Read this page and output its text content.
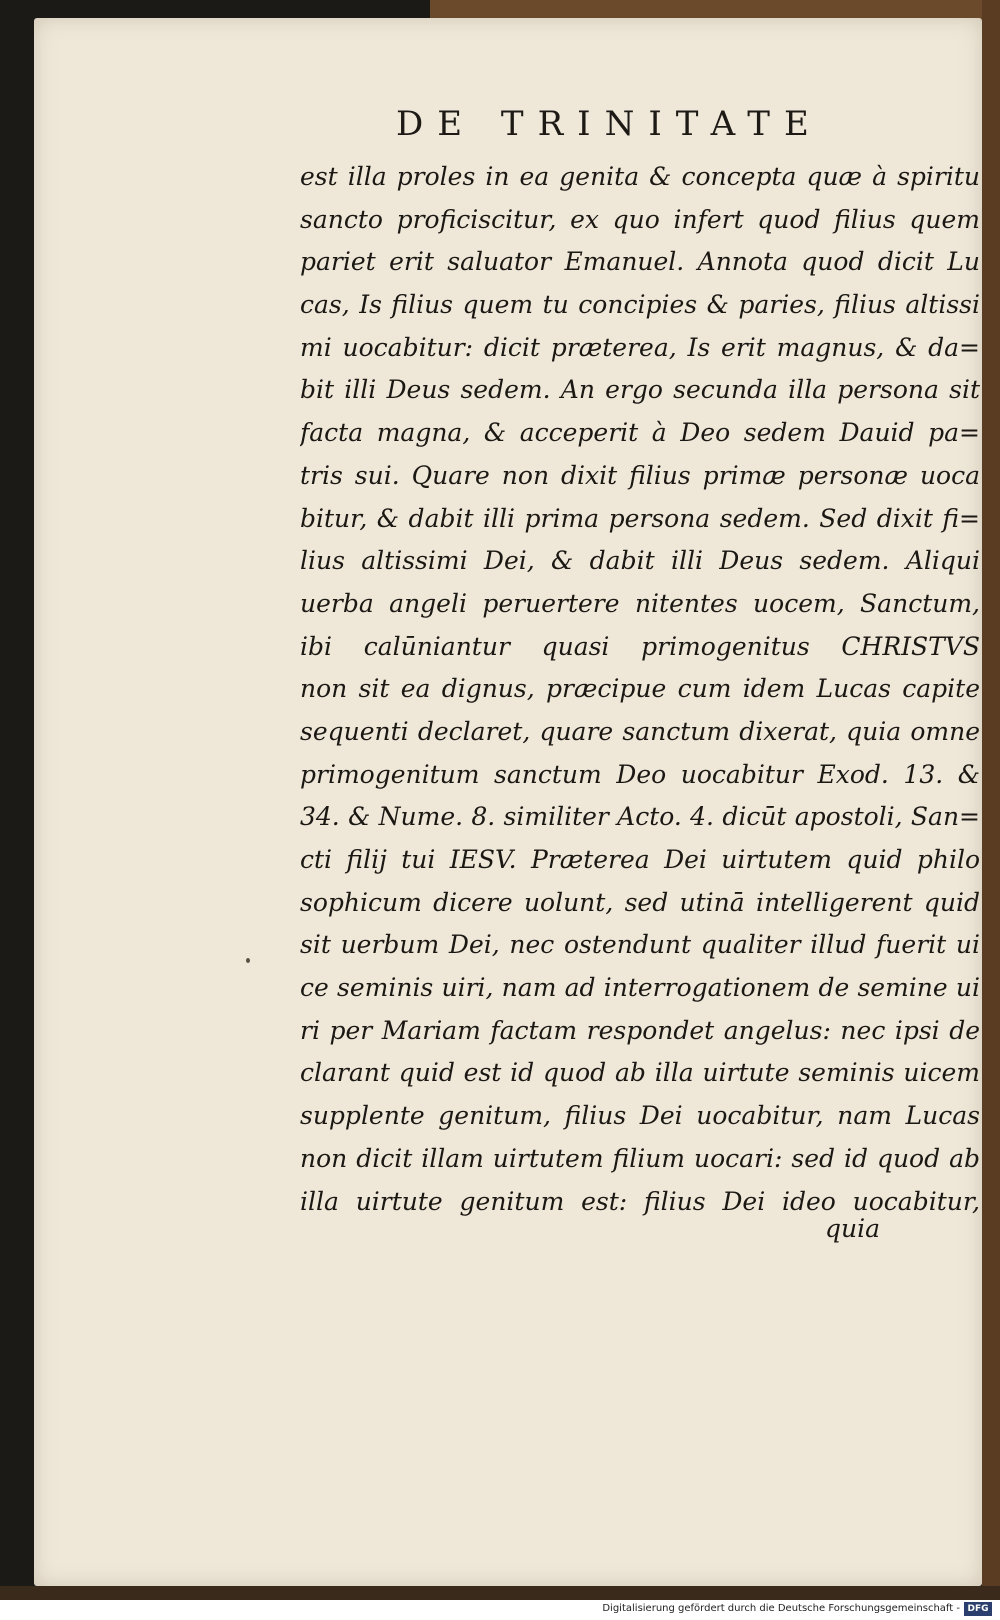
DE TRINITATE
est illa proles in ea genita & concepta quæ à spiritu
sancto proficiscitur, ex quo infert quod filius quem
pariet erit saluator Emanuel. Annota quod dicit Lu
cas, Is filius quem tu concipies & paries, filius altissi
mi uocabitur: dicit præterea, Is erit magnus, & da=
bit illi Deus sedem. An ergo secunda illa persona sit
facta magna, & acceperit à Deo sedem Dauid pa=
tris sui. Quare non dixit filius primæ personæ uoca
bitur, & dabit illi prima persona sedem. Sed dixit fi=
lius altissimi Dei, & dabit illi Deus sedem. Aliqui
uerba angeli peruertere nitentes uocem, Sanctum,
ibi calūniantur quasi primogenitus CHRISTVS
non sit ea dignus, præcipue cum idem Lucas capite
sequenti declaret, quare sanctum dixerat, quia omne
primogenitum sanctum Deo uocabitur Exod. 13. &
34. & Nume. 8. similiter Acto. 4. dicūt apostoli, San=
cti filij tui IESV. Præterea Dei uirtutem quid philo
sophicum dicere uolunt, sed utinā intelligerent quid
sit uerbum Dei, nec ostendunt qualiter illud fuerit ui
ce seminis uiri, nam ad interrogationem de semine ui
ri per Mariam factam respondet angelus: nec ipsi de
clarant quid est id quod ab illa uirtute seminis uicem
supplente genitum, filius Dei uocabitur, nam Lucas
non dicit illam uirtutem filium uocari: sed id quod ab
illa uirtute genitum est: filius Dei ideo uocabitur,
quia
Digitalisierung gefördert durch die Deutsche Forschungsgemeinschaft - DFG
